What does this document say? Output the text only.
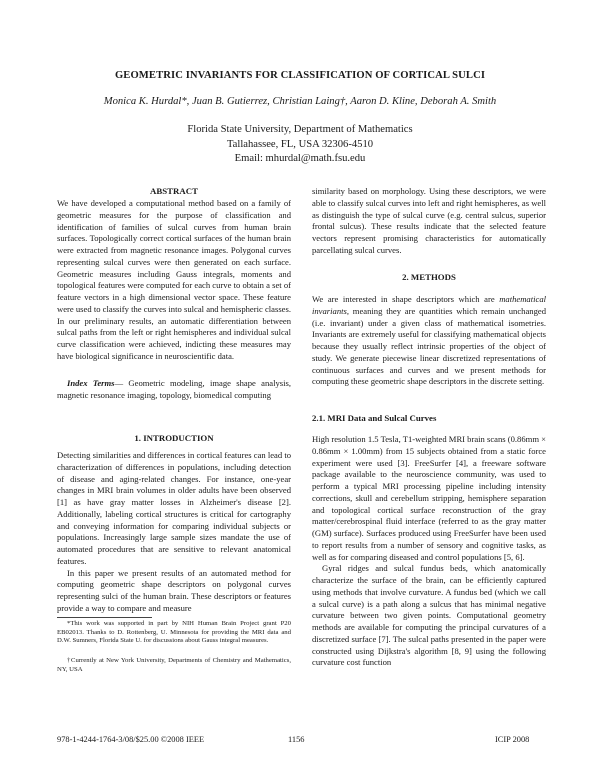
GEOMETRIC INVARIANTS FOR CLASSIFICATION OF CORTICAL SULCI
Monica K. Hurdal*, Juan B. Gutierrez, Christian Laing†, Aaron D. Kline, Deborah A. Smith
Florida State University, Department of Mathematics
Tallahassee, FL, USA 32306-4510
Email: mhurdal@math.fsu.edu
ABSTRACT

We have developed a computational method based on a family of geometric measures for the purpose of classification and identification of families of sulcal curves from human brain surfaces. Topologically correct cortical surfaces of the human brain were extracted from magnetic resonance images. Polygonal curves representing sulcal curves were then generated on each surface. Geometric measures including Gauss integrals, moments and topological features were computed for each curve to obtain a set of feature vectors in a high dimensional vector space. These feature were used to classify the curves into sulcal and hemispheric classes. In our preliminary results, an automatic differentiation between sulcal paths from the left or right hemispheres and individual sulcal curve classification were achieved, indicting these measures may have biological significance in neuroscientific data.

Index Terms— Geometric modeling, image shape analysis, magnetic resonance imaging, topology, biomedical computing

1. INTRODUCTION

Detecting similarities and differences in cortical features can lead to characterization of differences in populations, including detection of disease and aging-related changes. For instance, one-year changes in MRI brain volumes in older adults have been observed [1] as have gray matter losses in Alzheimer's disease [2]. Additionally, labeling cortical structures is critical for cartography and conveying information for comparing individual subjects or populations. Increasingly large sample sizes mandate the use of automated procedures that are sensitive to relevant anatomical features.

In this paper we present results of an automated method for computing geometric shape descriptors on polygonal curves representing sulci of the human brain. These descriptors or features provide a way to compare and measure

*This work was supported in part by NIH Human Brain Project grant P20 EB02013. Thanks to D. Rottenberg, U. Minnesota for providing the MRI data and D.W. Sumners, Florida State U. for discussions about Gauss integral measures.

†Currently at New York University, Departments of Chemistry and Mathematics, NY, USA

similarity based on morphology. Using these descriptors, we were able to classify sulcal curves into left and right hemispheres, as well as distinguish the type of sulcal curve (e.g. central sulcus, superior frontal sulcus). These results indicate that the selected feature vectors represent promising characteristics for automatically parcellating sulcal curves.

2. METHODS

We are interested in shape descriptors which are mathematical invariants, meaning they are quantities which remain unchanged (i.e. invariant) under a given class of mathematical isometries. Invariants are extremely useful for classifying mathematical objects because they usually reflect intrinsic properties of the object of study. We generate piecewise linear discretized representations of continuous surfaces and curves and we present methods for computing these geometric shape descriptors in the discrete setting.

2.1. MRI Data and Sulcal Curves

High resolution 1.5 Tesla, T1-weighted MRI brain scans (0.86mm × 0.86mm × 1.00mm) from 15 subjects obtained from a static force experiment were used [3]. FreeSurfer [4], a freeware software package available to the neuroscience community, was used to perform a typical MRI processing pipeline including intensity corrections, skull and cerebellum stripping, hemisphere separation and topological cortical surface reconstruction of the gray matter/cerebrospinal fluid interface (referred to as the gray matter (GM) surface). Surfaces produced using FreeSurfer have been used to report results from a number of sensory and cognitive tasks, as well as for comparing diseased and control populations [5, 6].

Gyral ridges and sulcal fundus beds, which anatomically characterize the surface of the brain, can be efficiently captured using methods that involve curvature. A fundus bed (which we call a sulcal curve) is a path along a sulcus that has minimal negative curvature between two given points. Computational geometry methods are available for computing the principal curvatures of a discretized surface [7]. The sulcal paths presented in the paper were constructed using Dijkstra's algorithm [8, 9] using the following curvature cost function

978-1-4244-1764-3/08/$25.00 ©2008 IEEE	1156	ICIP 2008
